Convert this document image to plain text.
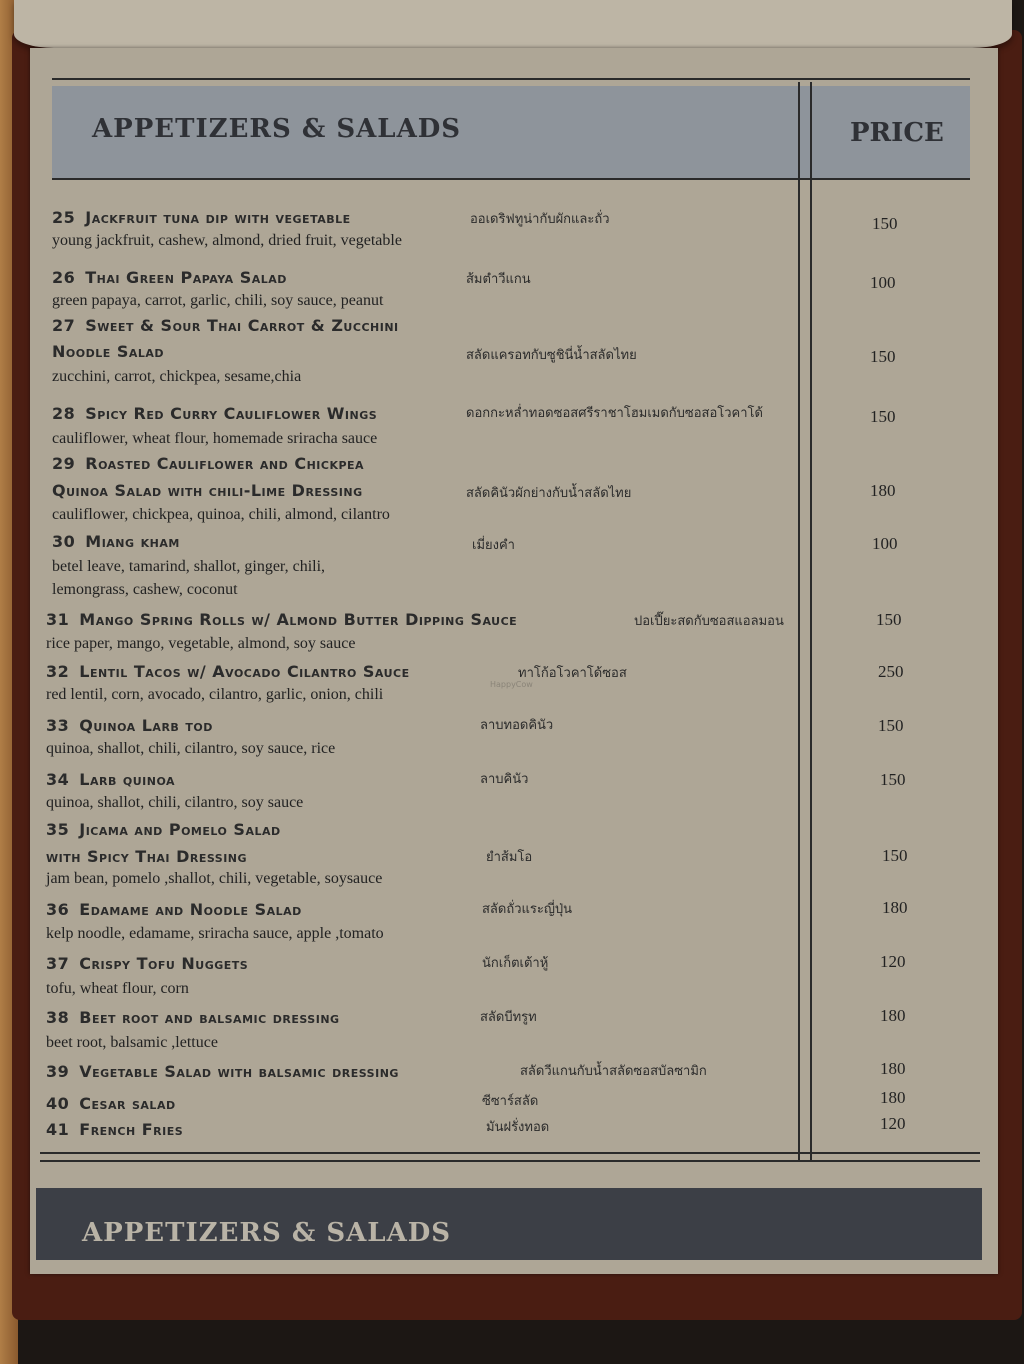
APPETIZERS & SALADS	PRICE
25 Jackfruit tuna dip with vegetable	ออเดริฟทูน่ากับผักและถั่ว
young jackfruit, cashew, almond, dried fruit, vegetable
150
26 Thai Green Papaya Salad	ส้มตำวีแกน
green papaya, carrot, garlic, chili, soy sauce, peanut
100
27 Sweet & Sour Thai Carrot & Zucchini
Noodle Salad	สลัดแครอทกับซูชินี่น้ำสลัดไทย
zucchini, carrot, chickpea, sesame,chia
150
28 Spicy Red Curry Cauliflower Wings	ดอกกะหล่ำทอดซอสศรีราชาโฮมเมดกับซอสอโวคาโด้
cauliflower, wheat flour, homemade sriracha sauce
150
29 Roasted Cauliflower and Chickpea
Quinoa Salad with chili-Lime Dressing	สลัดคินัวผักย่างกับน้ำสลัดไทย
cauliflower, chickpea, quinoa, chili, almond, cilantro
180
30 Miang kham	เมี่ยงคำ
betel leave, tamarind, shallot, ginger, chili,
lemongrass, cashew, coconut
100
31 Mango Spring Rolls w/ Almond Butter Dipping Sauce	ปอเปี๊ยะสดกับซอสแอลมอน
rice paper, mango, vegetable, almond, soy sauce
150
32 Lentil Tacos w/ Avocado Cilantro Sauce	ทาโก้อโวคาโด้ซอส
red lentil, corn, avocado, cilantro, garlic, onion, chili
250
33 Quinoa Larb tod	ลาบทอดคินัว
quinoa, shallot, chili, cilantro, soy sauce, rice
150
34 Larb quinoa	ลาบคินัว
quinoa, shallot, chili, cilantro, soy sauce
150
35 Jicama and Pomelo Salad
with Spicy Thai Dressing	ยำส้มโอ
jam bean, pomelo ,shallot, chili, vegetable, soysauce
150
36 Edamame and Noodle Salad	สลัดถั่วแระญี่ปุ่น
kelp noodle, edamame, sriracha sauce, apple ,tomato
180
37 Crispy Tofu Nuggets	นักเก็ตเต้าหู้
tofu, wheat flour, corn
120
38 Beet root and balsamic dressing	สลัดบีทรูท
beet root, balsamic ,lettuce
180
39 Vegetable Salad with balsamic dressing	สลัดวีแกนกับน้ำสลัดซอสบัลซามิก	180
40 Cesar salad	ซีซาร์สลัด	180
41 French Fries	มันฝรั่งทอด	120
HappyCow
APPETIZERS & SALADS
